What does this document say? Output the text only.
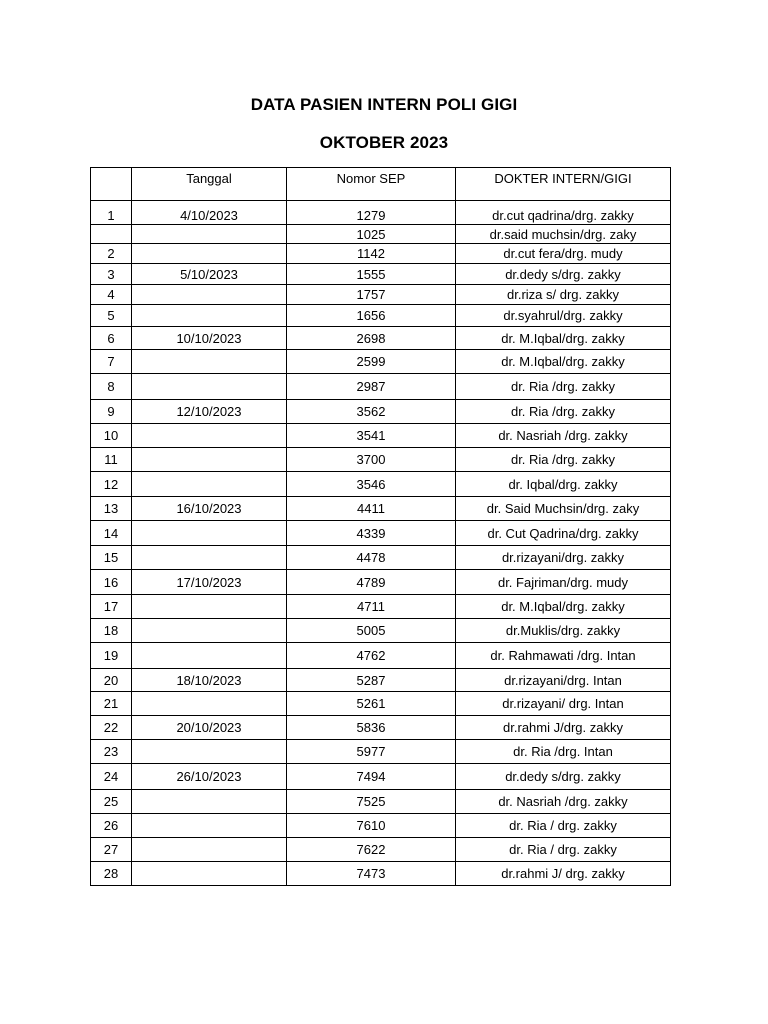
DATA PASIEN INTERN POLI GIGI
OKTOBER 2023
	Tanggal	Nomor SEP	DOKTER INTERN/GIGI
1	4/10/2023	1279	dr.cut qadrina/drg. zakky
		1025	dr.said muchsin/drg. zaky
2		1142	dr.cut fera/drg. mudy
3	5/10/2023	1555	dr.dedy s/drg. zakky
4		1757	dr.riza s/ drg. zakky
5		1656	dr.syahrul/drg. zakky
6	10/10/2023	2698	dr. M.Iqbal/drg. zakky
7		2599	dr. M.Iqbal/drg. zakky
8		2987	dr. Ria /drg. zakky
9	12/10/2023	3562	dr. Ria /drg. zakky
10		3541	dr. Nasriah /drg. zakky
11		3700	dr. Ria /drg. zakky
12		3546	dr. Iqbal/drg. zakky
13	16/10/2023	4411	dr. Said Muchsin/drg. zaky
14		4339	dr. Cut Qadrina/drg. zakky
15		4478	dr.rizayani/drg. zakky
16	17/10/2023	4789	dr. Fajriman/drg. mudy
17		4711	dr. M.Iqbal/drg. zakky
18		5005	dr.Muklis/drg. zakky
19		4762	dr. Rahmawati /drg. Intan
20	18/10/2023	5287	dr.rizayani/drg. Intan
21		5261	dr.rizayani/ drg. Intan
22	20/10/2023	5836	dr.rahmi J/drg. zakky
23		5977	dr. Ria /drg. Intan
24	26/10/2023	7494	dr.dedy s/drg. zakky
25		7525	dr. Nasriah /drg. zakky
26		7610	dr. Ria / drg. zakky
27		7622	dr. Ria / drg. zakky
28		7473	dr.rahmi J/ drg. zakky
